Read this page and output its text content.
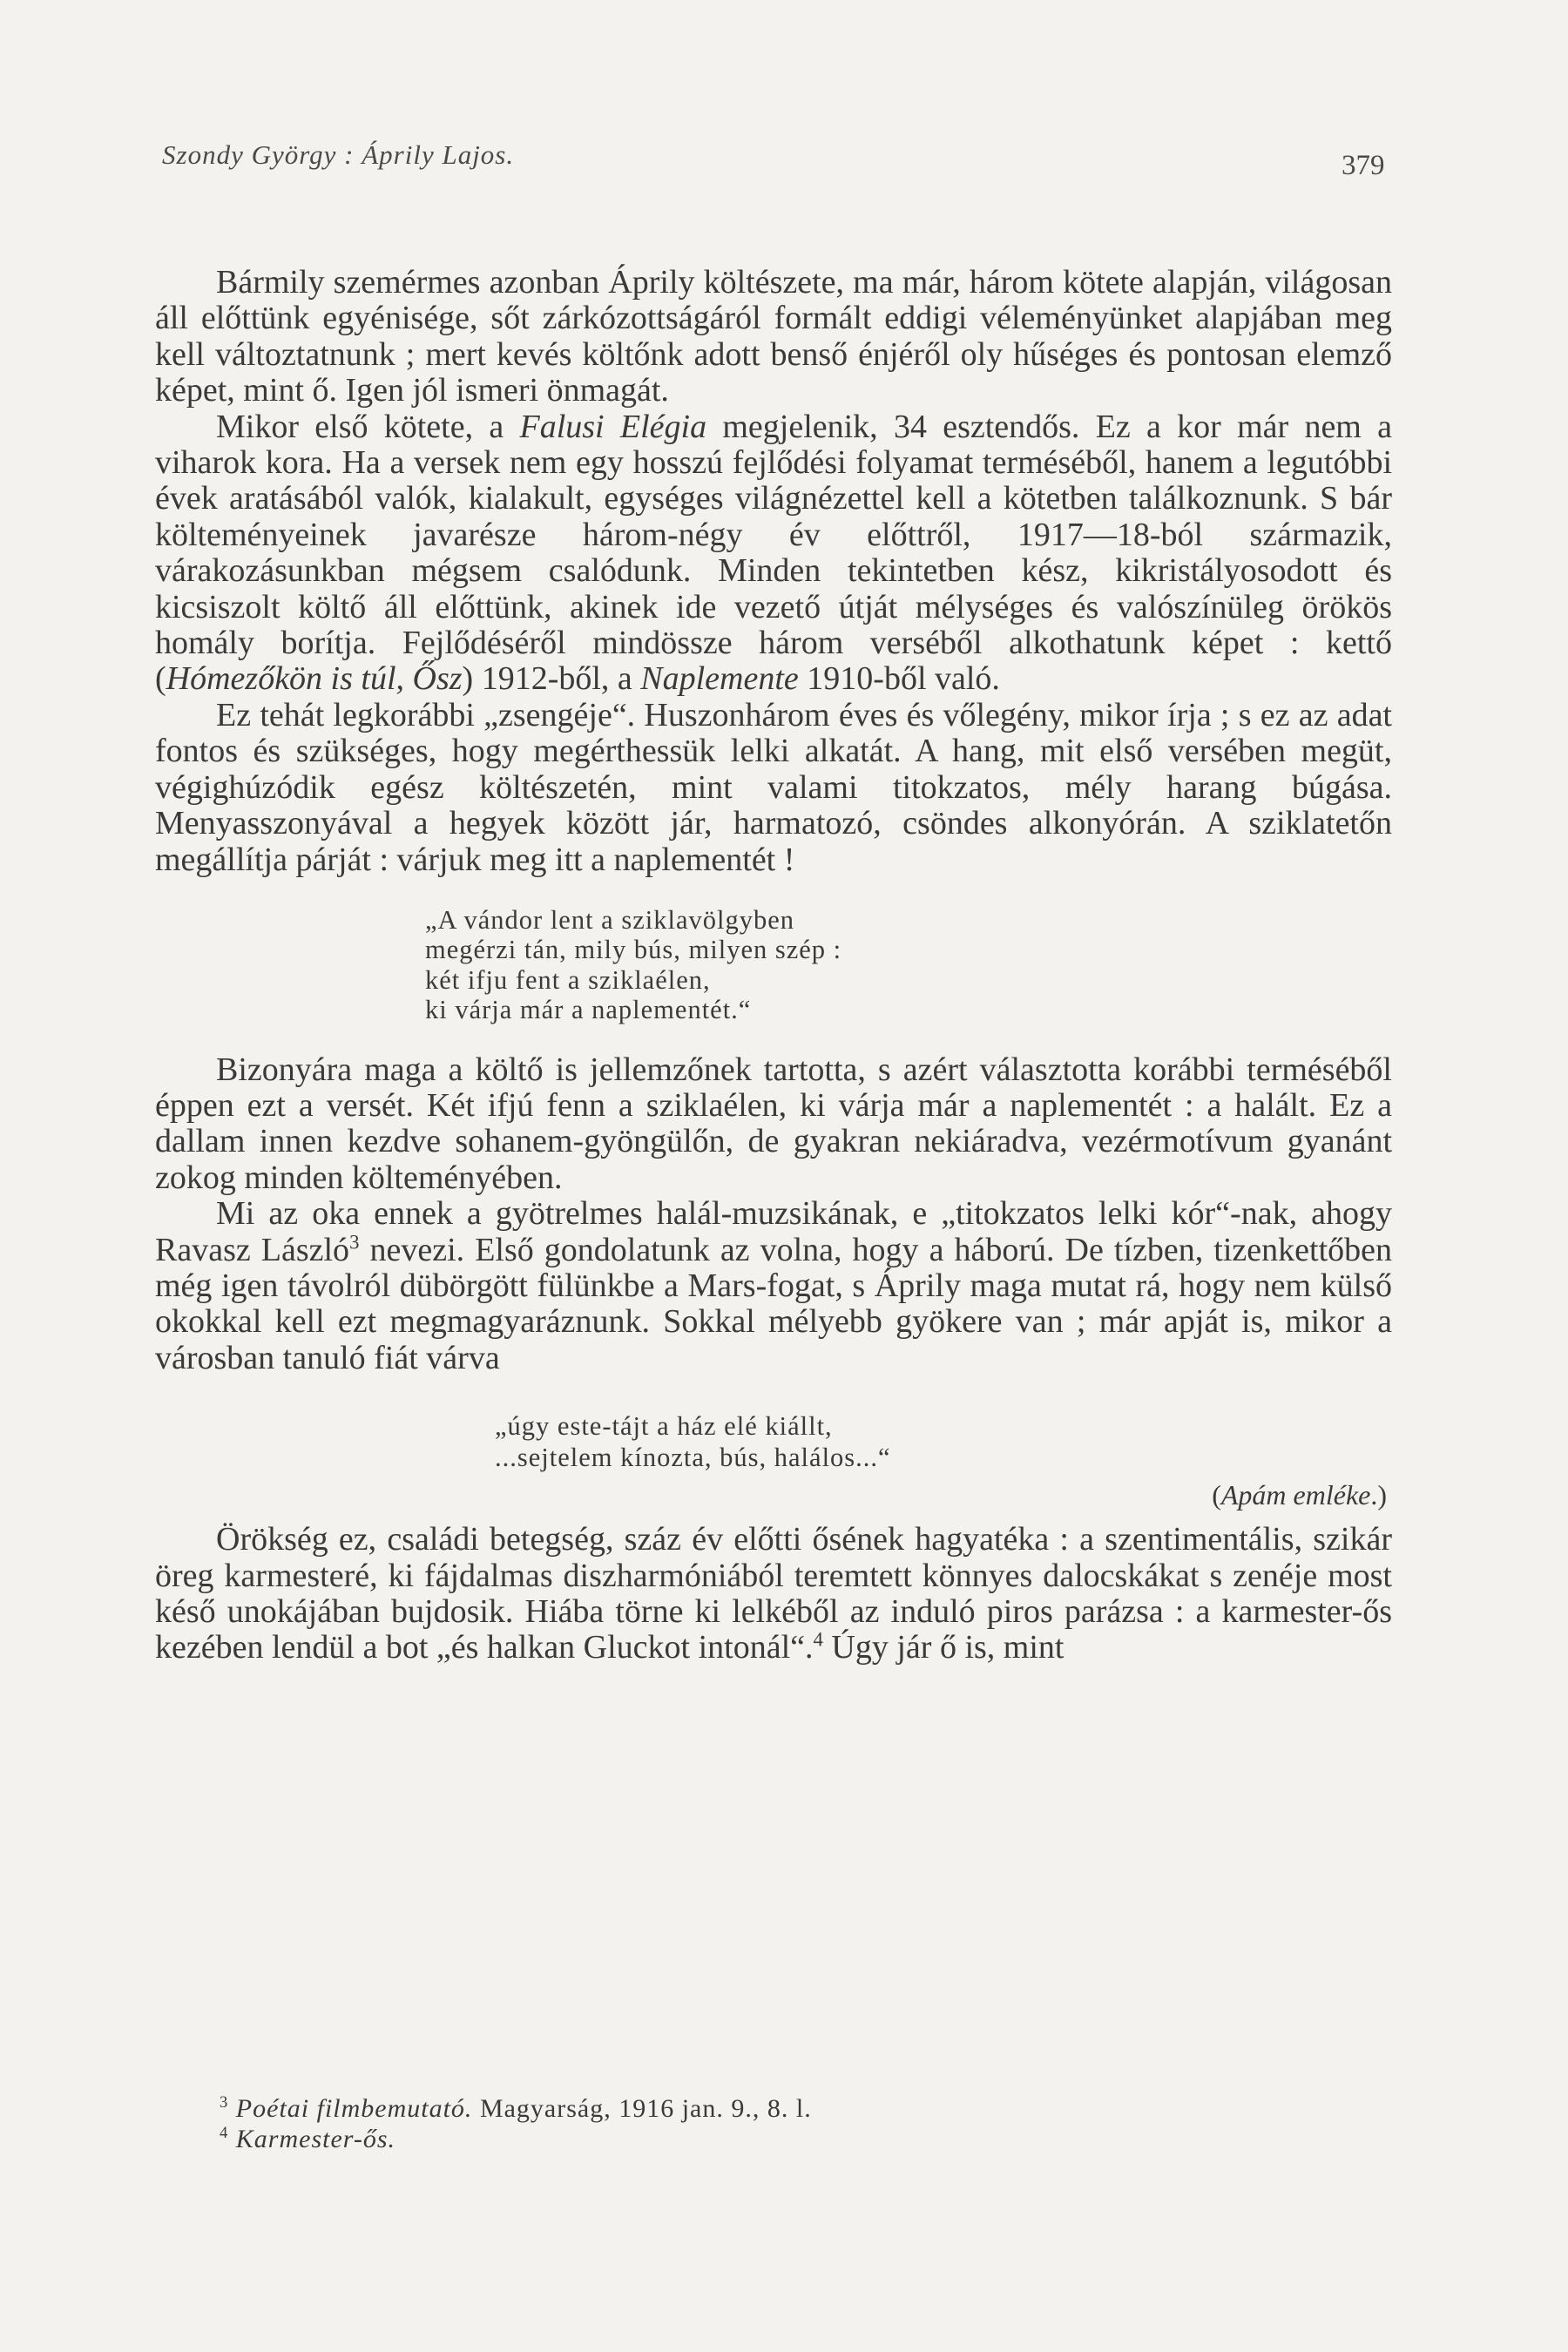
Szondy György : Áprily Lajos.	379

Bármily szemérmes azonban Áprily költészete, ma már, három kötete alapján, világosan áll előttünk egyénisége, sőt zárkózottságáról formált eddigi véleményünket alapjában meg kell változtatnunk ; mert kevés költőnk adott benső énjéről oly hűséges és pontosan elemző képet, mint ő. Igen jól ismeri önmagát.

Mikor első kötete, a Falusi Elégia megjelenik, 34 esztendős. Ez a kor már nem a viharok kora. Ha a versek nem egy hosszú fejlődési folyamat terméséből, hanem a legutóbbi évek aratásából valók, kialakult, egységes világnézettel kell a kötetben találkoznunk. S bár költeményeinek javarésze három-négy év előttről, 1917—18-ból származik, várakozásunkban mégsem csalódunk. Minden tekintetben kész, kikristályosodott és kicsiszolt költő áll előttünk, akinek ide vezető útját mélységes és valószínüleg örökös homály borítja. Fejlődéséről mindössze három verséből alkothatunk képet : kettő (Hómezőkön is túl, Ősz) 1912-ből, a Naplemente 1910-ből való.

Ez tehát legkorábbi „zsengéje“. Huszonhárom éves és vőlegény, mikor írja ; s ez az adat fontos és szükséges, hogy megérthessük lelki alkatát. A hang, mit első versében megüt, végighúzódik egész költészetén, mint valami titokzatos, mély harang búgása. Menyasszonyával a hegyek között jár, harmatozó, csöndes alkonyórán. A sziklatetőn megállítja párját : várjuk meg itt a naplementét !

„A vándor lent a sziklavölgyben
megérzi tán, mily bús, milyen szép :
két ifju fent a sziklaélen,
ki várja már a naplementét.“

Bizonyára maga a költő is jellemzőnek tartotta, s azért választotta korábbi terméséből éppen ezt a versét. Két ifjú fenn a sziklaélen, ki várja már a naplementét : a halált. Ez a dallam innen kezdve sohanem-gyöngülőn, de gyakran nekiáradva, vezérmotívum gyanánt zokog minden költeményében.

Mi az oka ennek a gyötrelmes halál-muzsikának, e „titokzatos lelki kór“-nak, ahogy Ravasz László$^3$ nevezi. Első gondolatunk az volna, hogy a háború. De tízben, tizenkettőben még igen távolról dübörgött fülünkbe a Mars-fogat, s Áprily maga mutat rá, hogy nem külső okokkal kell ezt megmagyaráznunk. Sokkal mélyebb gyökere van ; már apját is, mikor a városban tanuló fiát várva

„úgy este-tájt a ház elé kiállt,
...sejtelem kínozta, bús, halálos...“
(Apám emléke.)

Örökség ez, családi betegség, száz év előtti ősének hagyatéka : a szentimentális, szikár öreg karmesteré, ki fájdalmas diszharmóniából teremtett könnyes dalocskákat s zenéje most késő unokájában bujdosik. Hiába törne ki lelkéből az induló piros parázsa : a karmester-ős kezében lendül a bot „és halkan Gluckot intonál“.$^4$ Úgy jár ő is, mint

$^3$ Poétai filmbemutató. Magyarság, 1916 jan. 9., 8. l.
$^4$ Karmester-ős.
